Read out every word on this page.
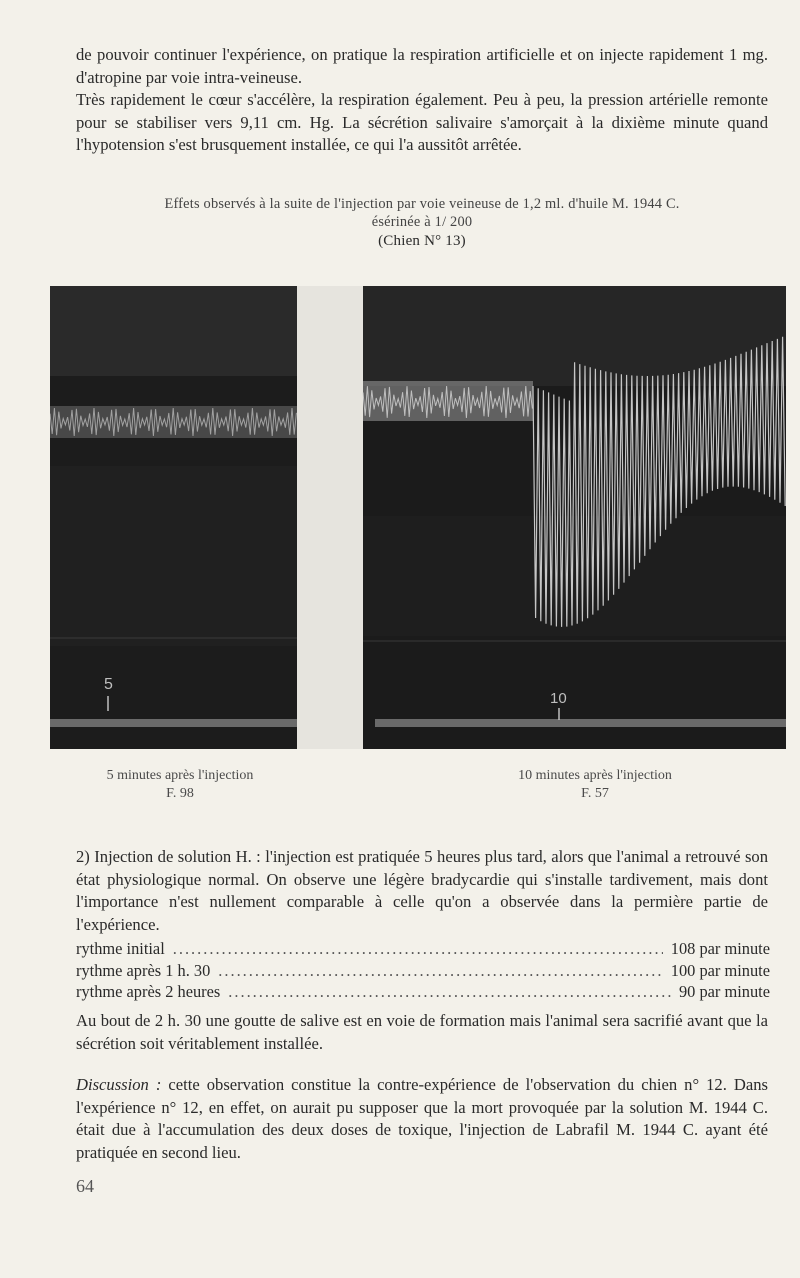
de pouvoir continuer l'expérience, on pratique la respiration artificielle et on injecte rapidement 1 mg. d'atropine par voie intra-veineuse.

Très rapidement le cœur s'accélère, la respiration également. Peu à peu, la pression artérielle remonte pour se stabiliser vers 9,11 cm. Hg. La sécrétion salivaire s'amorçait à la dixième minute quand l'hypotension s'est brusquement installée, ce qui l'a aussitôt arrêtée.

Effets observés à la suite de l'injection par voie veineuse de 1,2 ml. d'huile M. 1944 C.
ésérinée à 1/ 200
(Chien N° 13)
5
10
5 minutes après l'injection
F. 98
10 minutes après l'injection
F. 57

2) Injection de solution H. : l'injection est pratiquée 5 heures plus tard, alors que l'animal a retrouvé son état physiologique normal. On observe une légère bradycardie qui s'installe tardivement, mais dont l'importance n'est nullement comparable à celle qu'on a observée dans la permière partie de l'expérience.

rythme initial .....	108 par minute
rythme après 1 h. 30 .....	100 par minute
rythme après 2 heures .....	90 par minute

Au bout de 2 h. 30 une goutte de salive est en voie de formation mais l'animal sera sacrifié avant que la sécrétion soit véritablement installée.

Discussion : cette observation constitue la contre-expérience de l'observation du chien n° 12. Dans l'expérience n° 12, en effet, on aurait pu supposer que la mort provoquée par la solution M. 1944 C. était due à l'accumulation des deux doses de toxique, l'injection de Labrafil M. 1944 C. ayant été pratiquée en second lieu.

64
